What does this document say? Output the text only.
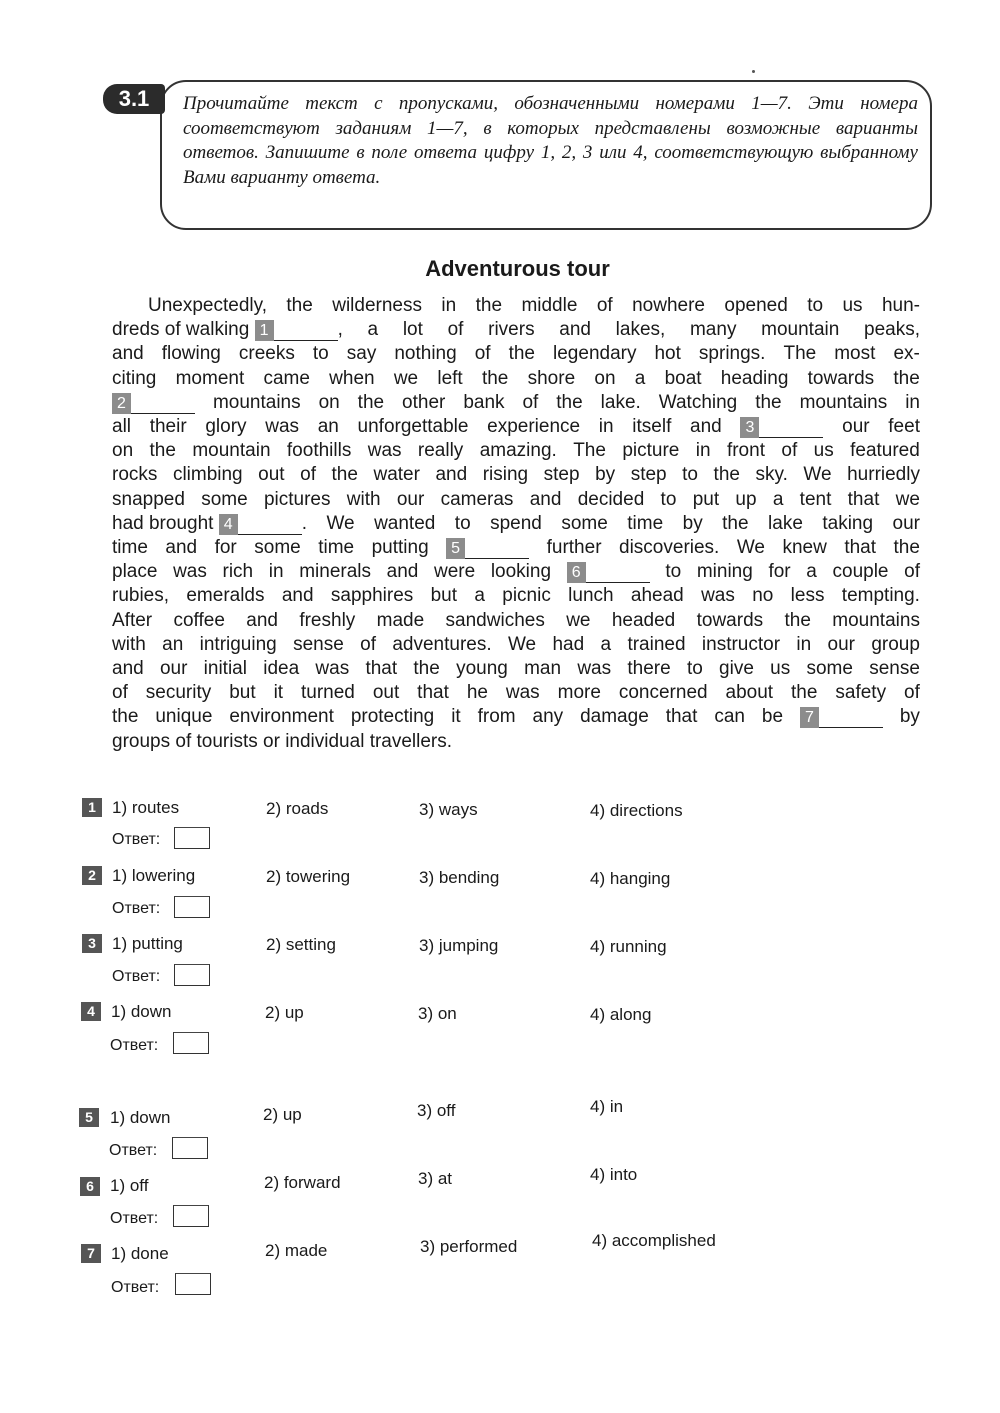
3.1	Прочитайте текст с пропусками, обозначенными номерами 1—7. Эти номера соответствуют заданиям 1—7, в которых представлены возможные варианты ответов. Запишите в поле ответа цифру 1, 2, 3 или 4, соответствующую выбранному Вами варианту ответа.
Adventurous tour
Unexpectedly, the wilderness in the middle of nowhere opened to us hun-
dreds of walking 1	, a lot of rivers and lakes, many mountain peaks,
and flowing creeks to say nothing of the legendary hot springs. The most ex-
citing moment came when we left the shore on a boat heading towards the
2	mountains on the other bank of the lake. Watching the mountains in
all their glory was an unforgettable experience in itself and	3	our feet
on the mountain foothills was really amazing. The picture in front of us featured
rocks climbing out of the water and rising step by step to the sky. We hurriedly
snapped some pictures with our cameras and decided to put up a tent that we
had brought 4	. We wanted to spend some time by the lake taking our
time and for some time putting	5	further discoveries. We knew that the
place was rich in minerals and were looking	6	to mining for a couple of
rubies, emeralds and sapphires but a picnic lunch ahead was no less tempting.
After coffee and freshly made sandwiches we headed towards the mountains
with an intriguing sense of adventures. We had a trained instructor in our group
and our initial idea was that the young man was there to give us some sense
of security but it turned out that he was more concerned about the safety of
the unique environment protecting it from any damage that can be	7	by
groups of tourists or individual travellers.
1 1) routes	2) roads	3) ways	4) directions
Ответ:
2 1) lowering	2) towering	3) bending	4) hanging
Ответ:
3 1) putting	2) setting	3) jumping	4) running
Ответ:
4 1) down	2) up	3) on	4) along
Ответ:
5	1) down	2) up	3) off	4) in
Ответ:
6 1) off	2) forward	3) at	4) into
Ответ:
7 1) done	2) made	3) performed	4) accomplished
Ответ:
